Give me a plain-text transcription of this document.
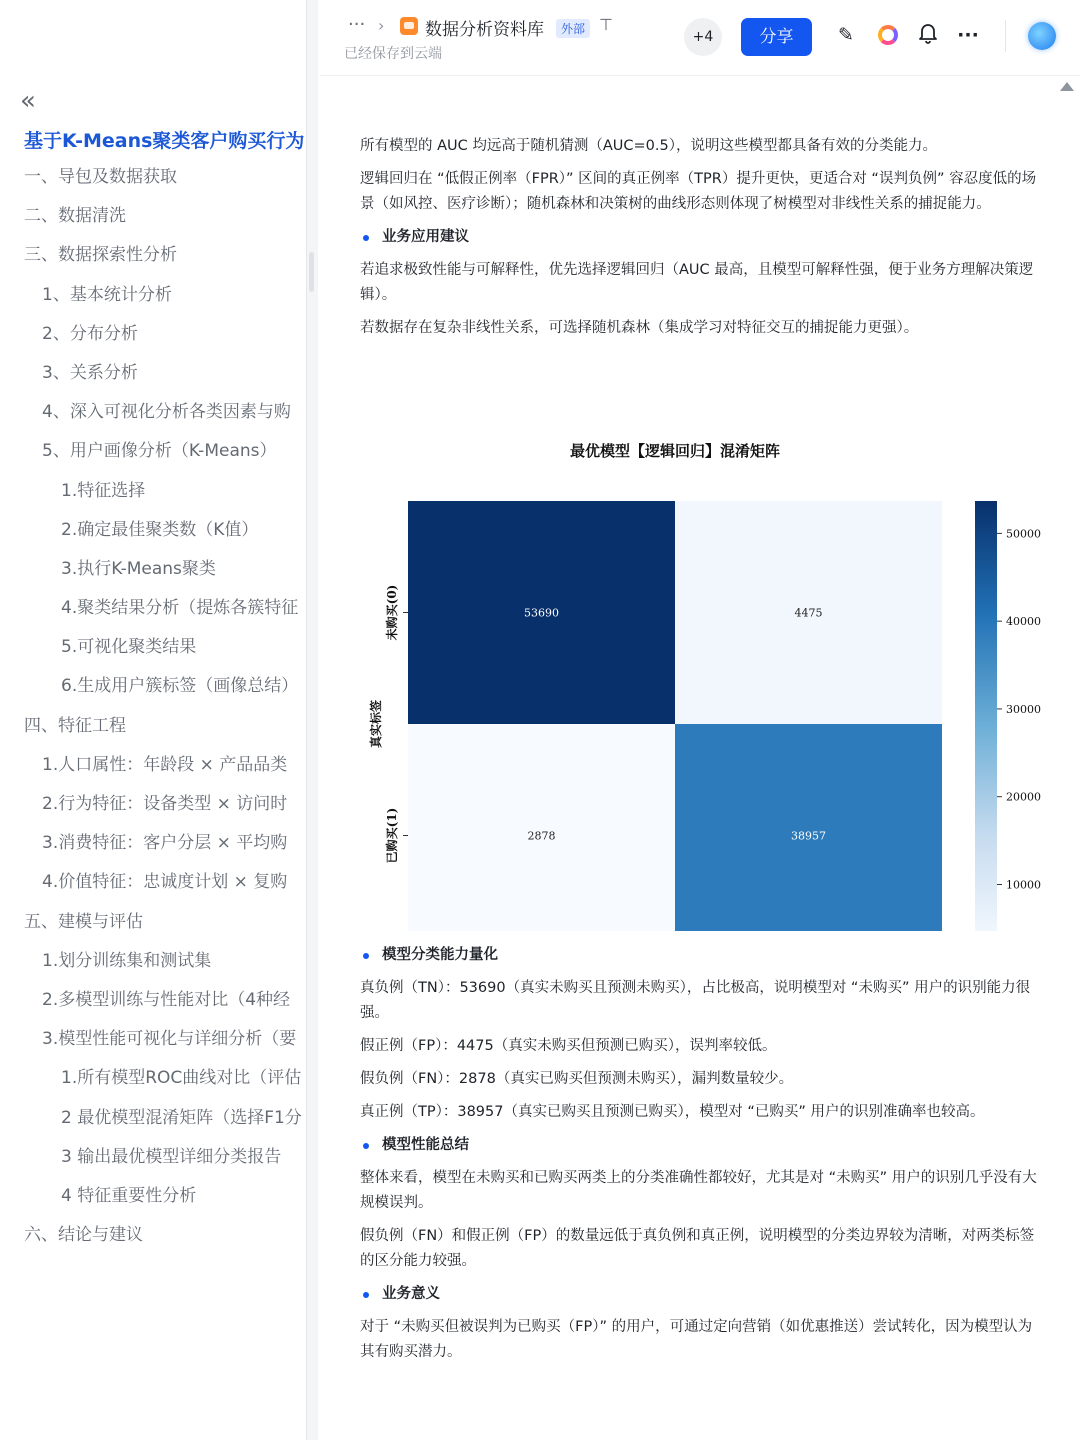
«
基于K-Means聚类客户购买行为
一、导包及数据获取
二、数据清洗
三、数据探索性分析
1、基本统计分析
2、分布分析
3、关系分析
4、深入可视化分析各类因素与购
5、用户画像分析（K-Means）
1.特征选择
2.确定最佳聚类数（K值）
3.执行K-Means聚类
4.聚类结果分析（提炼各簇特征
5.可视化聚类结果
6.生成用户簇标签（画像总结）
四、特征工程
1.人口属性：年龄段 × 产品品类
2.行为特征：设备类型 × 访问时
3.消费特征：客户分层 × 平均购
4.价值特征：忠诚度计划 × 复购
五、建模与评估
1.划分训练集和测试集
2.多模型训练与性能对比（4种经
3.模型性能可视化与详细分析（要
1.所有模型ROC曲线对比（评估
2 最优模型混淆矩阵（选择F1分
3 输出最优模型详细分类报告
4 特征重要性分析
六、结论与建议
··· › 数据分析资料库	外部 ⊤
已经保存到云端
+4	分享	✎	···

所有模型的 AUC 均远高于随机猜测（AUC=0.5），说明这些模型都具备有效的分类能力。

逻辑回归在 “低假正例率（FPR）” 区间的真正例率（TPR）提升更快，更适合对 “误判负例” 容忍度低的场景（如风控、医疗诊断）；随机森林和决策树的曲线形态则体现了树模型对非线性关系的捕捉能力。

业务应用建议

若追求极致性能与可解释性，优先选择逻辑回归（AUC 最高，且模型可解释性强，便于业务方理解决策逻辑）。

若数据存在复杂非线性关系，可选择随机森林（集成学习对特征交互的捕捉能力更强）。

最优模型【逻辑回归】混淆矩阵
53690	4475
2878	38957
未购买(0)
已购买(1)
真实标签
50000
40000
30000
20000
10000
模型分类能力量化

真负例（TN）：53690（真实未购买且预测未购买），占比极高，说明模型对 “未购买” 用户的识别能力很强。

假正例（FP）：4475（真实未购买但预测已购买），误判率较低。

假负例（FN）：2878（真实已购买但预测未购买），漏判数量较少。

真正例（TP）：38957（真实已购买且预测已购买），模型对 “已购买” 用户的识别准确率也较高。

模型性能总结

整体来看，模型在未购买和已购买两类上的分类准确性都较好，尤其是对 “未购买” 用户的识别几乎没有大规模误判。

假负例（FN）和假正例（FP）的数量远低于真负例和真正例，说明模型的分类边界较为清晰，对两类标签的区分能力较强。

业务意义

对于 “未购买但被误判为已购买（FP）” 的用户，可通过定向营销（如优惠推送）尝试转化，因为模型认为其有购买潜力。
